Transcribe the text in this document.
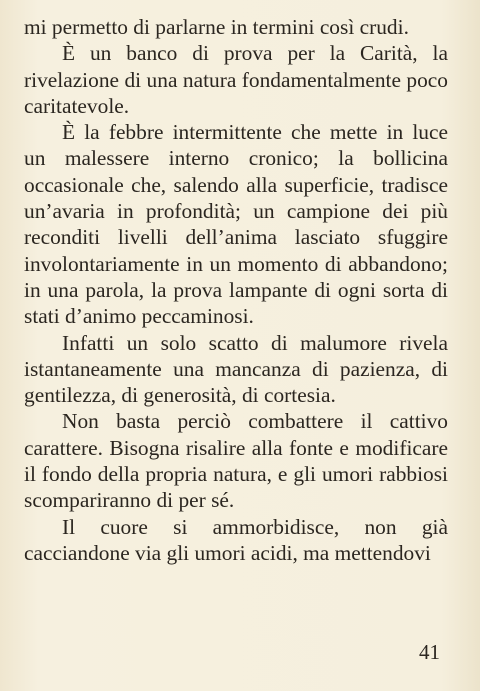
mi permetto di parlarne in termini così crudi.

È un banco di prova per la Carità, la rivelazione di una natura fondamentalmente poco caritatevole.

È la febbre intermittente che mette in luce un malessere interno cronico; la bollicina occasionale che, salendo alla superficie, tradisce un’avaria in profondità; un campione dei più reconditi livelli dell’anima lasciato sfuggire involontariamente in un momento di abbandono; in una parola, la prova lampante di ogni sorta di stati d’animo peccaminosi.

Infatti un solo scatto di malumore rivela istantaneamente una mancanza di pazienza, di gentilezza, di generosità, di cortesia.

Non basta perciò combattere il cattivo carattere. Bisogna risalire alla fonte e modificare il fondo della propria natura, e gli umori rabbiosi scompariranno di per sé.

Il cuore si ammorbidisce, non già cacciandone via gli umori acidi, ma mettendovi

41
